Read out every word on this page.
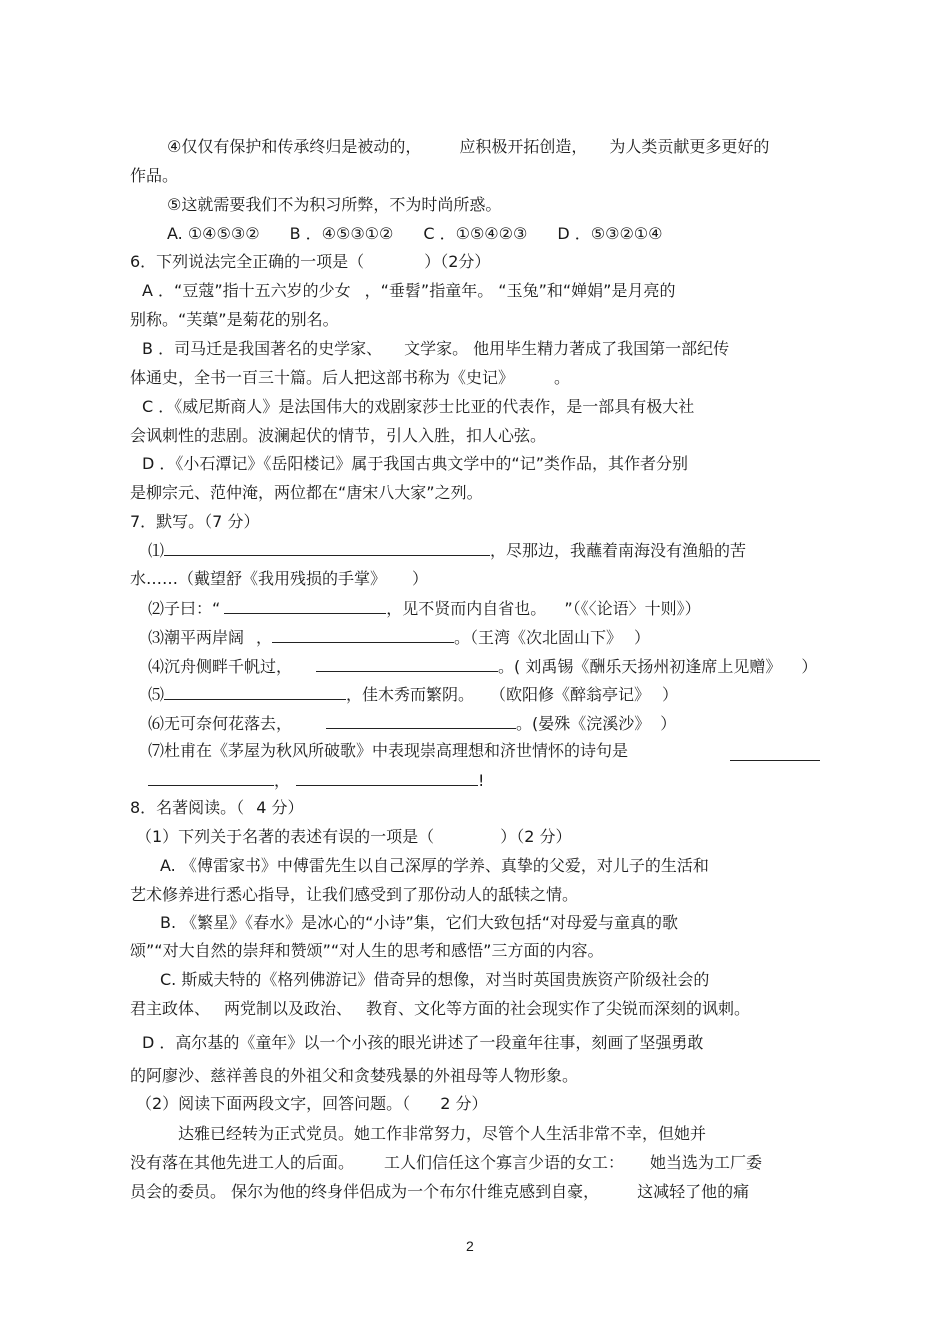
④仅仅有保护和传承终归是被动的， 应积极开拓创造， 为人类贡献更多更好的
作品。
⑤这就需要我们不为积习所弊，不为时尚所惑。
A. ①④⑤③② B ．④⑤③①② C ．①⑤④②③ D ．⑤③②①④
6．下列说法完全正确的一项是（	）（2分）
A ．“豆蔻”指十五六岁的少女 ，“垂髫”指童年。 “玉兔”和“婵娟”是月亮的
别称。“芙蕖”是菊花的别名。
B ．司马迁是我国著名的史学家、 文学家。 他用毕生精力著成了我国第一部纪传
体通史，全书一百三十篇。后人把这部书称为《史记》	。
C ．《威尼斯商人》是法国伟大的戏剧家莎士比亚的代表作，是一部具有极大社
会讽刺性的悲剧。波澜起伏的情节，引人入胜，扣人心弦。
D ．《小石潭记》《岳阳楼记》属于我国古典文学中的“记”类作品，其作者分别
是柳宗元、范仲淹，两位都在“唐宋八大家”之列。
7．默写。（7 分）
⑴	，尽那边，我蘸着南海没有渔船的苦
水……（戴望舒《我用残损的手掌》 ）
⑵子曰：“	，见不贤而内自省也。 ”（《〈论语〉十则》）
⑶潮平两岸阔 ，	。（王湾《次北固山下》 ）
⑷沉舟侧畔千帆过，	。( 刘禹锡《酬乐天扬州初逢席上见赠》 ）
⑸	，佳木秀而繁阴。 （欧阳修《醉翁亭记》 ）
⑹无可奈何花落去，	。(晏殊《浣溪沙》 ）
⑺杜甫在《茅屋为秋风所破歌》中表现崇高理想和济世情怀的诗句是
，	!
8．名著阅读。（ 4 分）
（1）下列关于名著的表述有误的一项是（	）（2 分）
A. 《傅雷家书》中傅雷先生以自己深厚的学养、真挚的父爱，对儿子的生活和
艺术修养进行悉心指导，让我们感受到了那份动人的舐犊之情。
B. 《繁星》《春水》是冰心的“小诗”集，它们大致包括“对母爱与童真的歌
颂”“对大自然的崇拜和赞颂”“对人生的思考和感悟”三方面的内容。
C. 斯威夫特的《格列佛游记》借奇异的想像，对当时英国贵族资产阶级社会的
君主政体、 两党制以及政治、 教育、文化等方面的社会现实作了尖锐而深刻的讽刺。
D ．高尔基的《童年》以一个小孩的眼光讲述了一段童年往事，刻画了坚强勇敢
的阿廖沙、慈祥善良的外祖父和贪婪残暴的外祖母等人物形象。
（2）阅读下面两段文字，回答问题。（ 2 分）
达雅已经转为正式党员。她工作非常努力，尽管个人生活非常不幸，但她并
没有落在其他先进工人的后面。 工人们信任这个寡言少语的女工： 她当选为工厂委
员会的委员。 保尔为他的终身伴侣成为一个布尔什维克感到自豪， 这减轻了他的痛
2
